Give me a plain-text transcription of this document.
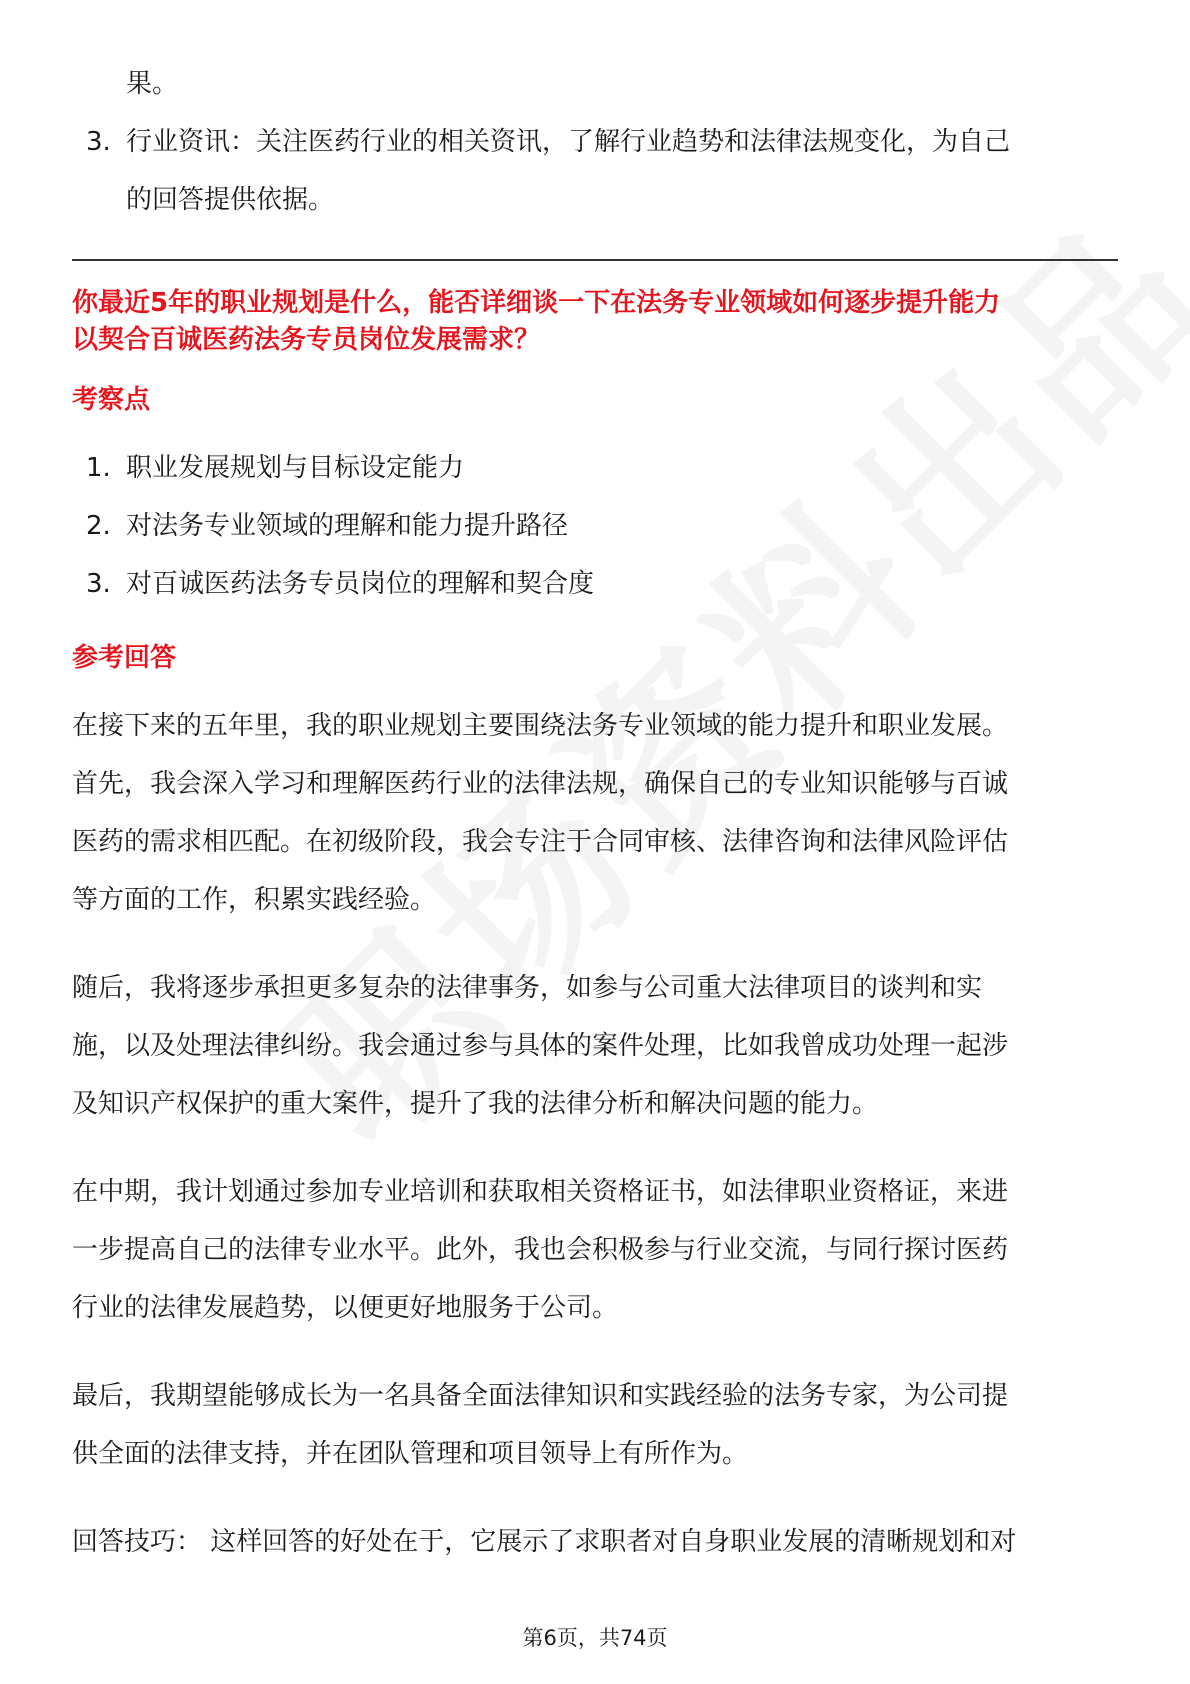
果。
3. 行业资讯：关注医药行业的相关资讯，了解行业趋势和法律法规变化，为自己
的回答提供依据。
你最近5年的职业规划是什么，能否详细谈一下在法务专业领域如何逐步提升能力
以契合百诚医药法务专员岗位发展需求？
考察点
1. 职业发展规划与目标设定能力
2. 对法务专业领域的理解和能力提升路径
3. 对百诚医药法务专员岗位的理解和契合度
参考回答
在接下来的五年里，我的职业规划主要围绕法务专业领域的能力提升和职业发展。
首先，我会深入学习和理解医药行业的法律法规，确保自己的专业知识能够与百诚
医药的需求相匹配。在初级阶段，我会专注于合同审核、法律咨询和法律风险评估
等方面的工作，积累实践经验。
随后，我将逐步承担更多复杂的法律事务，如参与公司重大法律项目的谈判和实
施，以及处理法律纠纷。我会通过参与具体的案件处理，比如我曾成功处理一起涉
及知识产权保护的重大案件，提升了我的法律分析和解决问题的能力。
在中期，我计划通过参加专业培训和获取相关资格证书，如法律职业资格证，来进
一步提高自己的法律专业水平。此外，我也会积极参与行业交流，与同行探讨医药
行业的法律发展趋势，以便更好地服务于公司。
最后，我期望能够成长为一名具备全面法律知识和实践经验的法务专家，为公司提
供全面的法律支持，并在团队管理和项目领导上有所作为。
回答技巧： 这样回答的好处在于，它展示了求职者对自身职业发展的清晰规划和对
第6页，共74页
